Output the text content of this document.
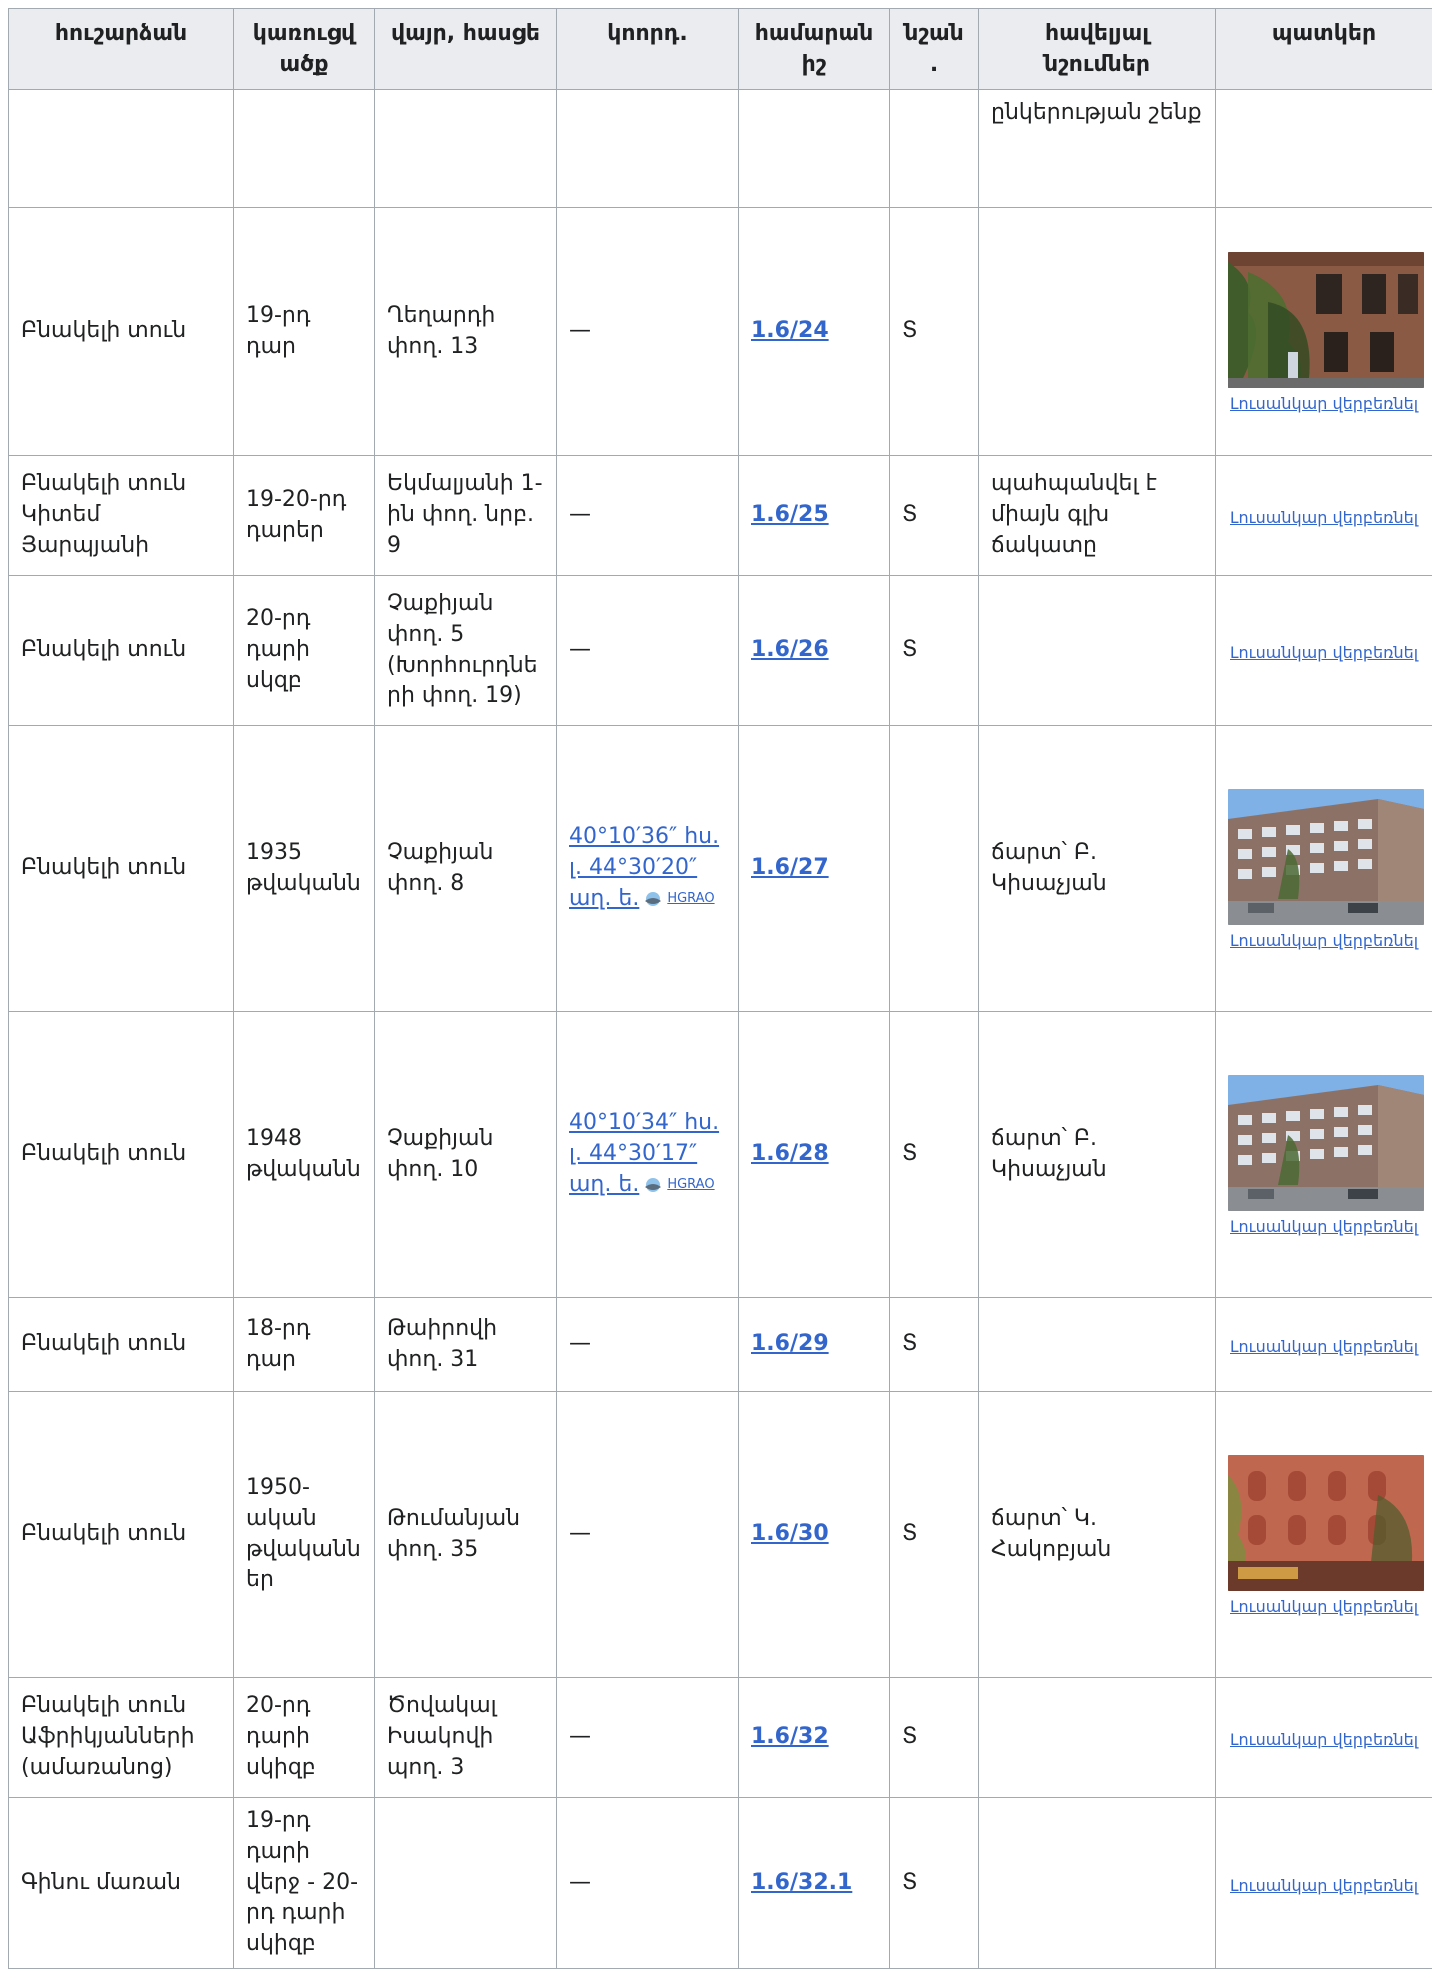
հուշարձան	կառուցվածք	վայր, հասցե	կոորդ.	համարանիշ	նշան.	հավելյալ նշումներ	պատկեր
						ընկերության շենք	
Բնակելի տուն	19-րդ դար	Ղեղարդի փող. 13	—	1.6/24	Տ		Լուսանկար վերբեռնել

Բնակելի տուն Կիտեմ Յարպյանի	19-20-րդ դարեր	Եկմալյանի 1-ին փող. նրբ. 9	—	1.6/25	Տ	պահպանվել է միայն գլխ ճակատը	Լուսանկար վերբեռնել

Բնակելի տուն	20-րդ դարի սկզբ	Չաքիյան փող. 5 (Խորհուրդների փող. 19)	—	1.6/26	Տ		Լուսանկար վերբեռնել

Բնակելի տուն	1935 թվականն	Չաքիյան փող. 8	40°10′36″ հս. լ. 44°30′20″ աղ. ե. HGRAO	1.6/27		ճարտ՝ Բ. Կիսաչյան	Լուսանկար վերբեռնել

Բնակելի տուն	1948 թվականն	Չաքիյան փող. 10	40°10′34″ հս. լ. 44°30′17″ աղ. ե. HGRAO	1.6/28	Տ	ճարտ՝ Բ. Կիսաչյան	Լուսանկար վերբեռնել

Բնակելի տուն	18-րդ դար	Թաիրովի փող. 31	—	1.6/29	Տ		Լուսանկար վերբեռնել

Բնակելի տուն	1950-ական թվականներ	Թումանյան փող. 35	—	1.6/30	Տ	ճարտ՝ Կ. Հակոբյան	Լուսանկար վերբեռնել

Բնակելի տուն Աֆրիկյանների (ամառանոց)	20-րդ դարի սկիզբ	Ծովակալ Իսակովի պող. 3	—	1.6/32	Տ		Լուսանկար վերբեռնել

Գինու մառան	19-րդ դարի վերջ - 20-րդ դարի սկիզբ		—	1.6/32.1	Տ		Լուսանկար վերբեռնել
